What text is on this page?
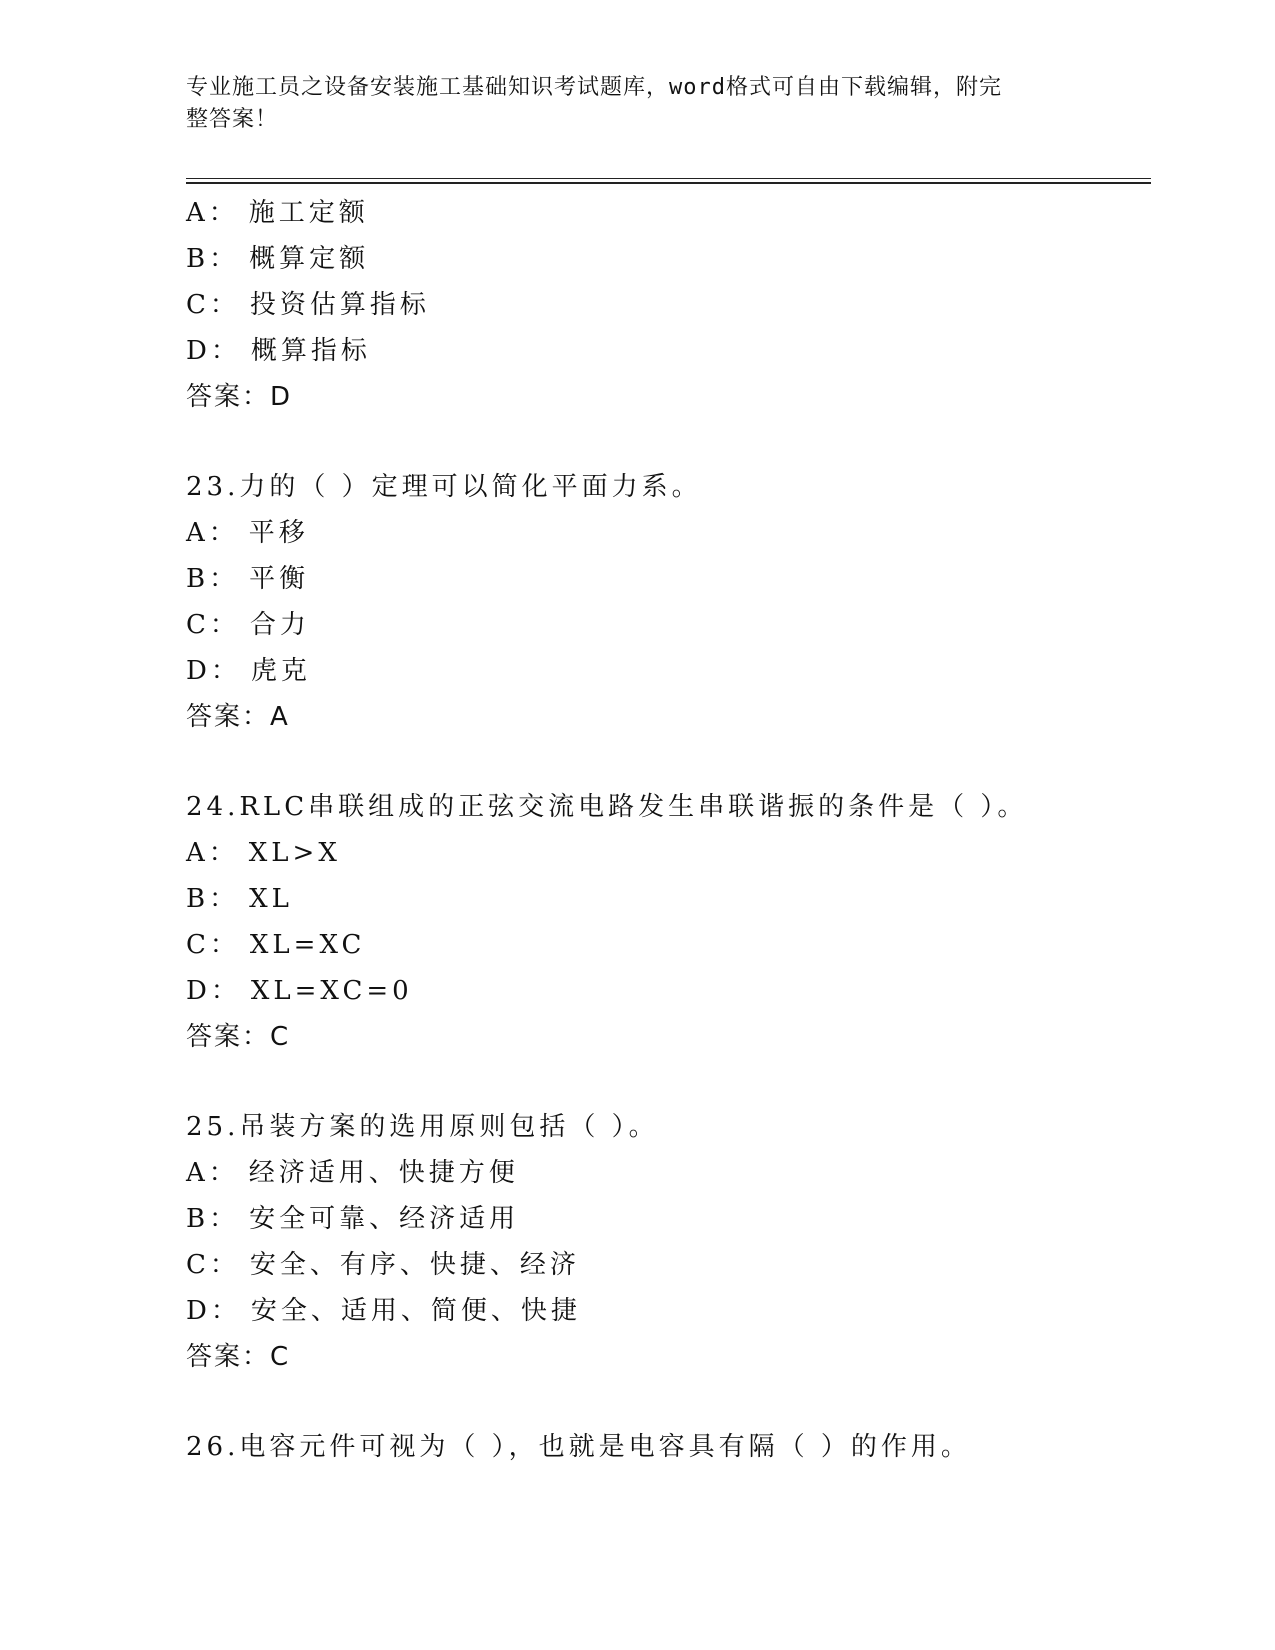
专业施工员之设备安装施工基础知识考试题库，word格式可自由下载编辑，附完
整答案！
A： 施工定额
B： 概算定额
C： 投资估算指标
D： 概算指标
答案：D
23.力的（ ）定理可以简化平面力系。
A： 平移
B： 平衡
C： 合力
D： 虎克
答案：A
24.RLC串联组成的正弦交流电路发生串联谐振的条件是（ ）。
A： XL>X
B： XL
C： XL=XC
D： XL=XC=0
答案：C
25.吊装方案的选用原则包括（ ）。
A： 经济适用、快捷方便
B： 安全可靠、经济适用
C： 安全、有序、快捷、经济
D： 安全、适用、简便、快捷
答案：C
26.电容元件可视为（ ），也就是电容具有隔（ ）的作用。
